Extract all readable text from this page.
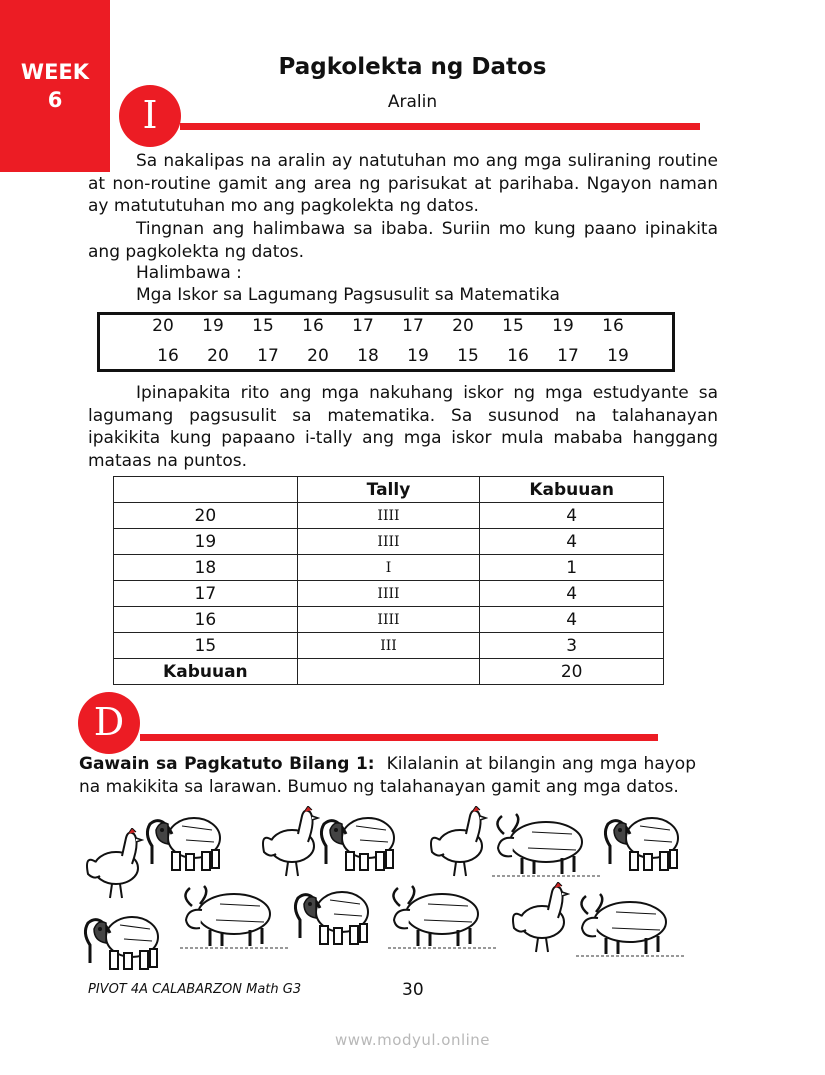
WEEK
6
Pagkolekta ng Datos
Aralin
I

Sa nakalipas na aralin ay natutuhan mo ang mga suliraning routine at non-routine gamit ang area ng parisukat at parihaba. Ngayon naman ay matututuhan mo ang pagkolekta ng datos.

Tingnan ang halimbawa sa ibaba. Suriin mo kung paano ipinakita ang pagkolekta ng datos.

Halimbawa :
Mga Iskor sa Lagumang Pagsusulit sa Matematika
20	19	15	16	17	17	20	15	19	16
16	20	17	20	18	19	15	16	17	19

Ipinapakita rito ang mga nakuhang iskor ng mga estudyante sa lagumang pagsusulit sa matematika. Sa susunod na talahanayan ipakikita kung papaano i-tally ang mga iskor mula mababa hanggang mataas na puntos.

	Tally	Kabuuan
20	IIII	4
19	IIII	4
18	I	1
17	IIII	4
16	IIII	4
15	III	3
Kabuuan		20
D

Gawain sa Pagkatuto Bilang 1: Kilalanin at bilangin ang mga hayop na makikita sa larawan. Bumuo ng talahanayan gamit ang mga datos.

PIVOT 4A CALABARZON Math G3	30
www.modyul.online
